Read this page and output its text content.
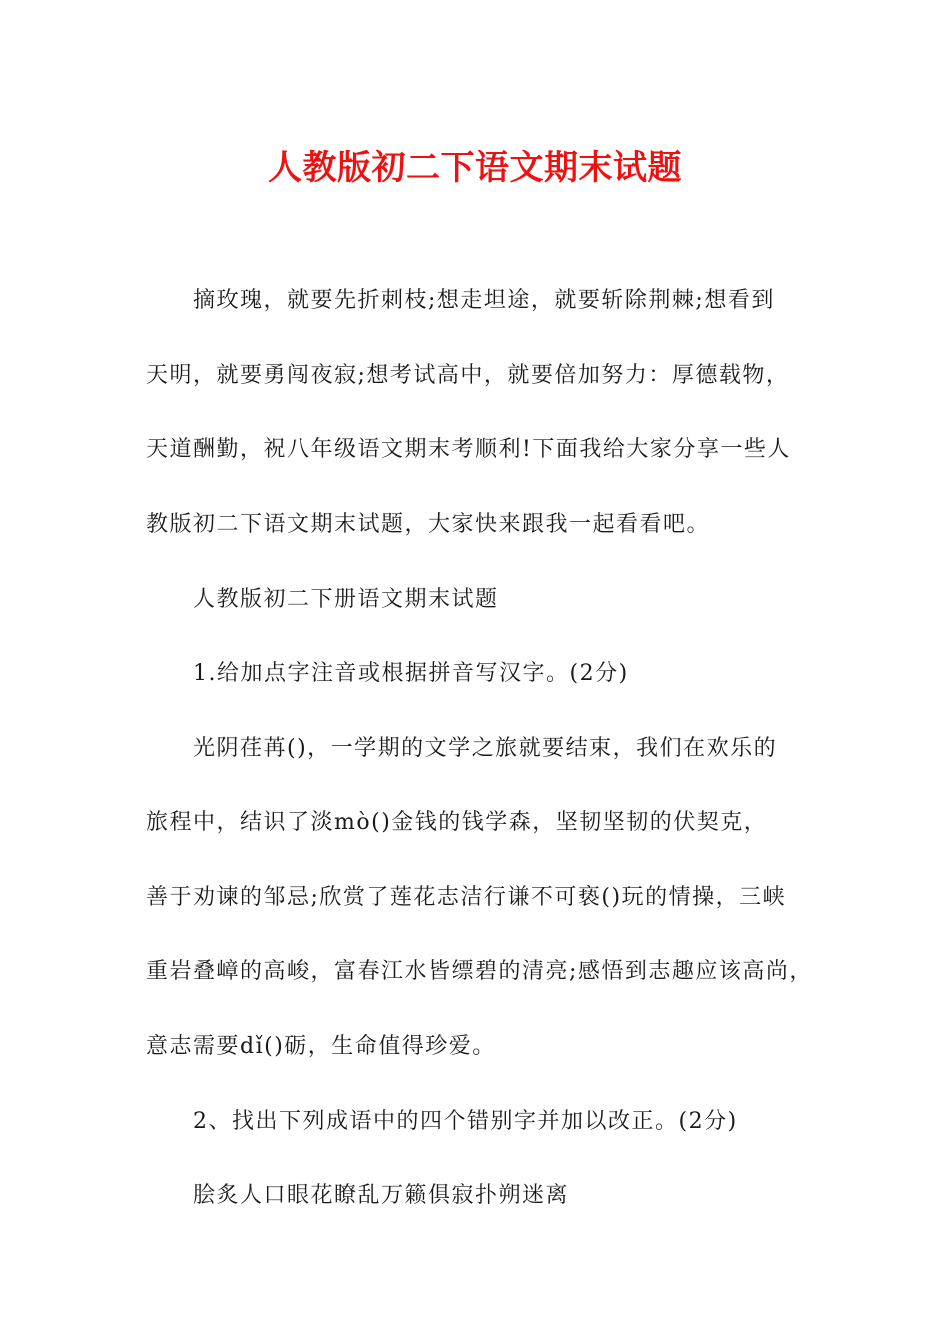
人教版初二下语文期末试题
摘玫瑰，就要先折刺枝;想走坦途，就要斩除荆棘;想看到
天明，就要勇闯夜寂;想考试高中，就要倍加努力：厚德载物，
天道酬勤，祝八年级语文期末考顺利!下面我给大家分享一些人
教版初二下语文期末试题，大家快来跟我一起看看吧。
人教版初二下册语文期末试题
1.给加点字注音或根据拼音写汉字。(2分)
光阴荏苒()，一学期的文学之旅就要结束，我们在欢乐的
旅程中，结识了淡mò()金钱的钱学森，坚韧坚韧的伏契克，
善于劝谏的邹忌;欣赏了莲花志洁行谦不可亵()玩的情操，三峡
重岩叠嶂的高峻，富春江水皆缥碧的清亮;感悟到志趣应该高尚，
意志需要dǐ()砺，生命值得珍爱。
2、找出下列成语中的四个错别字并加以改正。(2分)
脍炙人口眼花瞭乱万籁俱寂扑朔迷离
